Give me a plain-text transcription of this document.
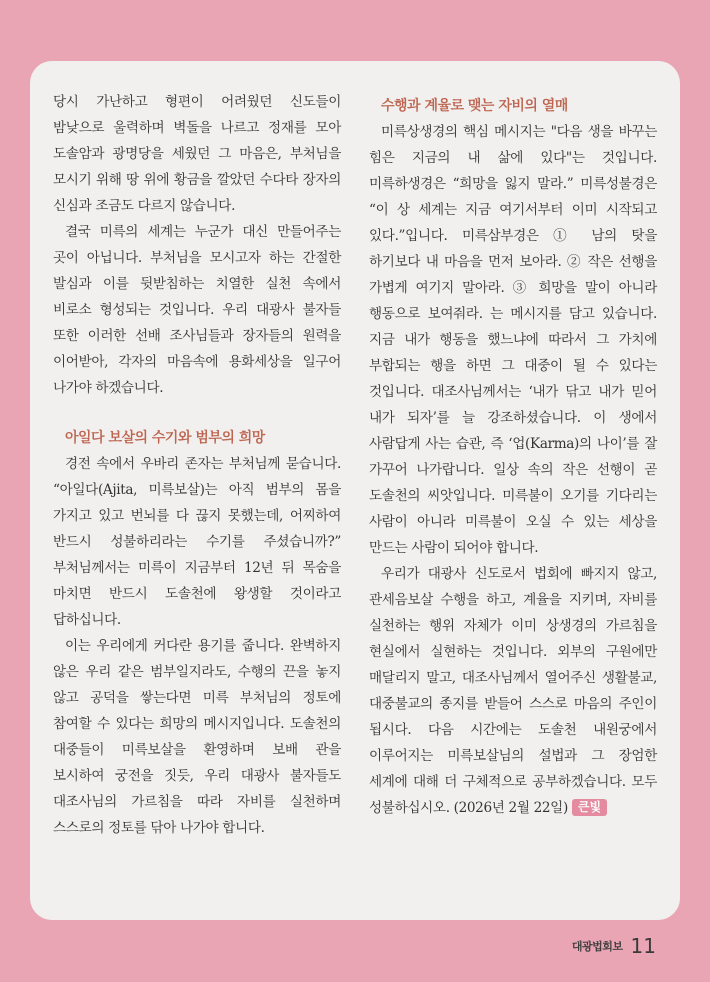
당시 가난하고 형편이 어려웠던 신도들이 밤낮으로 울력하며 벽돌을 나르고 정재를 모아 도솔암과 광명당을 세웠던 그 마음은, 부처님을 모시기 위해 땅 위에 황금을 깔았던 수다타 장자의 신심과 조금도 다르지 않습니다.

결국 미륵의 세계는 누군가 대신 만들어주는 곳이 아닙니다. 부처님을 모시고자 하는 간절한 발심과 이를 뒷받침하는 치열한 실천 속에서 비로소 형성되는 것입니다. 우리 대광사 불자들 또한 이러한 선배 조사님들과 장자들의 원력을 이어받아, 각자의 마음속에 용화세상을 일구어 나가야 하겠습니다.

아일다 보살의 수기와 범부의 희망

경전 속에서 우바리 존자는 부처님께 묻습니다. “아일다(Ajita, 미륵보살)는 아직 범부의 몸을 가지고 있고 번뇌를 다 끊지 못했는데, 어찌하여 반드시 성불하리라는 수기를 주셨습니까?” 부처님께서는 미륵이 지금부터 12년 뒤 목숨을 마치면 반드시 도솔천에 왕생할 것이라고 답하십니다.

이는 우리에게 커다란 용기를 줍니다. 완벽하지 않은 우리 같은 범부일지라도, 수행의 끈을 놓지 않고 공덕을 쌓는다면 미륵 부처님의 정토에 참여할 수 있다는 희망의 메시지입니다. 도솔천의 대중들이 미륵보살을 환영하며 보배 관을 보시하여 궁전을 짓듯, 우리 대광사 불자들도 대조사님의 가르침을 따라 자비를 실천하며 스스로의 정토를 닦아 나가야 합니다.

수행과 계율로 맺는 자비의 열매

미륵상생경의 핵심 메시지는 "다음 생을 바꾸는 힘은 지금의 내 삶에 있다"는 것입니다. 미륵하생경은 “희망을 잃지 말라.” 미륵성불경은 “이 상 세계는 지금 여기서부터 이미 시작되고 있다.”입니다. 미륵삼부경은 ① 남의 탓을 하기보다 내 마음을 먼저 보아라. ② 작은 선행을 가볍게 여기지 말아라. ③ 희망을 말이 아니라 행동으로 보여줘라. 는 메시지를 담고 있습니다. 지금 내가 행동을 했느냐에 따라서 그 가치에 부합되는 행을 하면 그 대중이 될 수 있다는 것입니다. 대조사님께서는 ‘내가 닦고 내가 믿어 내가 되자’를 늘 강조하셨습니다. 이 생에서 사람답게 사는 습관, 즉 ‘업(Karma)의 나이’를 잘 가꾸어 나가랍니다. 일상 속의 작은 선행이 곧 도솔천의 씨앗입니다. 미륵불이 오기를 기다리는 사람이 아니라 미륵불이 오실 수 있는 세상을 만드는 사람이 되어야 합니다.

우리가 대광사 신도로서 법회에 빠지지 않고, 관세음보살 수행을 하고, 계율을 지키며, 자비를 실천하는 행위 자체가 이미 상생경의 가르침을 현실에서 실현하는 것입니다. 외부의 구원에만 매달리지 말고, 대조사님께서 열어주신 생활불교, 대중불교의 종지를 받들어 스스로 마음의 주인이 됩시다. 다음 시간에는 도솔천 내원궁에서 이루어지는 미륵보살님의 설법과 그 장엄한 세계에 대해 더 구체적으로 공부하겠습니다. 모두 성불하십시오. (2026년 2월 22일) 큰빛

대광법회보 11
